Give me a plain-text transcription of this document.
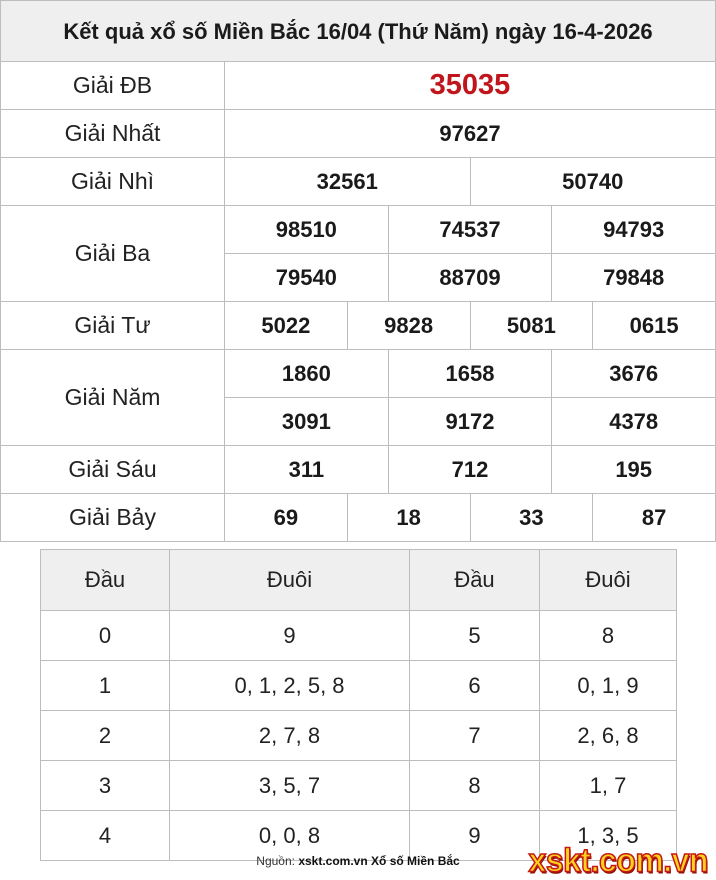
Kết quả xổ số Miền Bắc 16/04 (Thứ Năm) ngày 16-4-2026
Giải ĐB	35035
Giải Nhất	97627
Giải Nhì	32561	50740
Giải Ba
98510	74537	94793
79540	88709	79848
Giải Tư	5022	9828	5081	0615
Giải Năm
1860	1658	3676
3091	9172	4378
Giải Sáu	311	712	195
Giải Bảy	69	18	33	87
Đầu	Đuôi	Đầu	Đuôi
0	9	5	8
1	0, 1, 2, 5, 8	6	0, 1, 9
2	2, 7, 8	7	2, 6, 8
3	3, 5, 7	8	1, 7
4	0, 0, 8	9	1, 3, 5
Nguồn: xskt.com.vn Xổ số Miền Bắc	xskt.com.vn
